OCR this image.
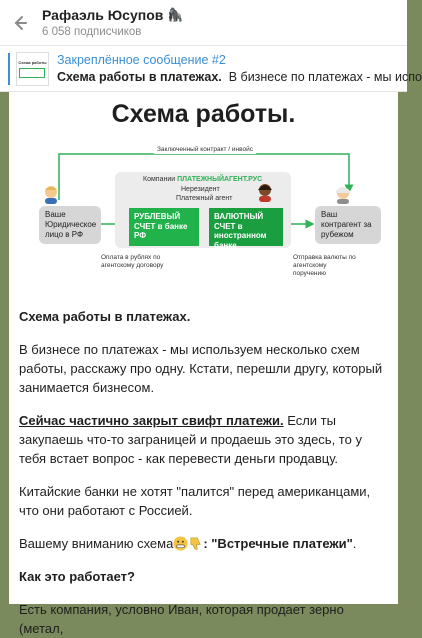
Рафаэль Юсупов 🦍
6 058 подписчиков
Схема работы Закреплённое сообщение #2
Схема работы в платежах. В бизнесе по платежах - мы испо
Схема работы.
Заключенный контракт / инвойс
Ваше Юридическое лицо в РФ
Компании ПЛАТЕЖНЫЙАГЕНТ.РУС
Нерезидент
Платежный агент
РУБЛЕВЫЙ СЧЕТ в банке РФ
ВАЛЮТНЫЙ СЧЕТ в иностранном банке
Ваш контрагент за рубежом
Оплата в рублях по агентскому договору
Отправка валюты по агентскому поручению

Схема работы в платежах.

В бизнесе по платежах - мы используем несколько схем работы, расскажу про одну. Кстати, перешли другу, который занимается бизнесом.

Сейчас частично закрыт свифт платежи. Если ты закупаешь что-то заграницей и продаешь это здесь, то у тебя встает вопрос - как перевести деньги продавцу.

Китайские банки не хотят "палится" перед американцами, что они работают с Россией.

Вашему вниманию схема : "Встречные платежи".

Как это работает?

Есть компания, условно Иван, которая продает зерно (метал,
